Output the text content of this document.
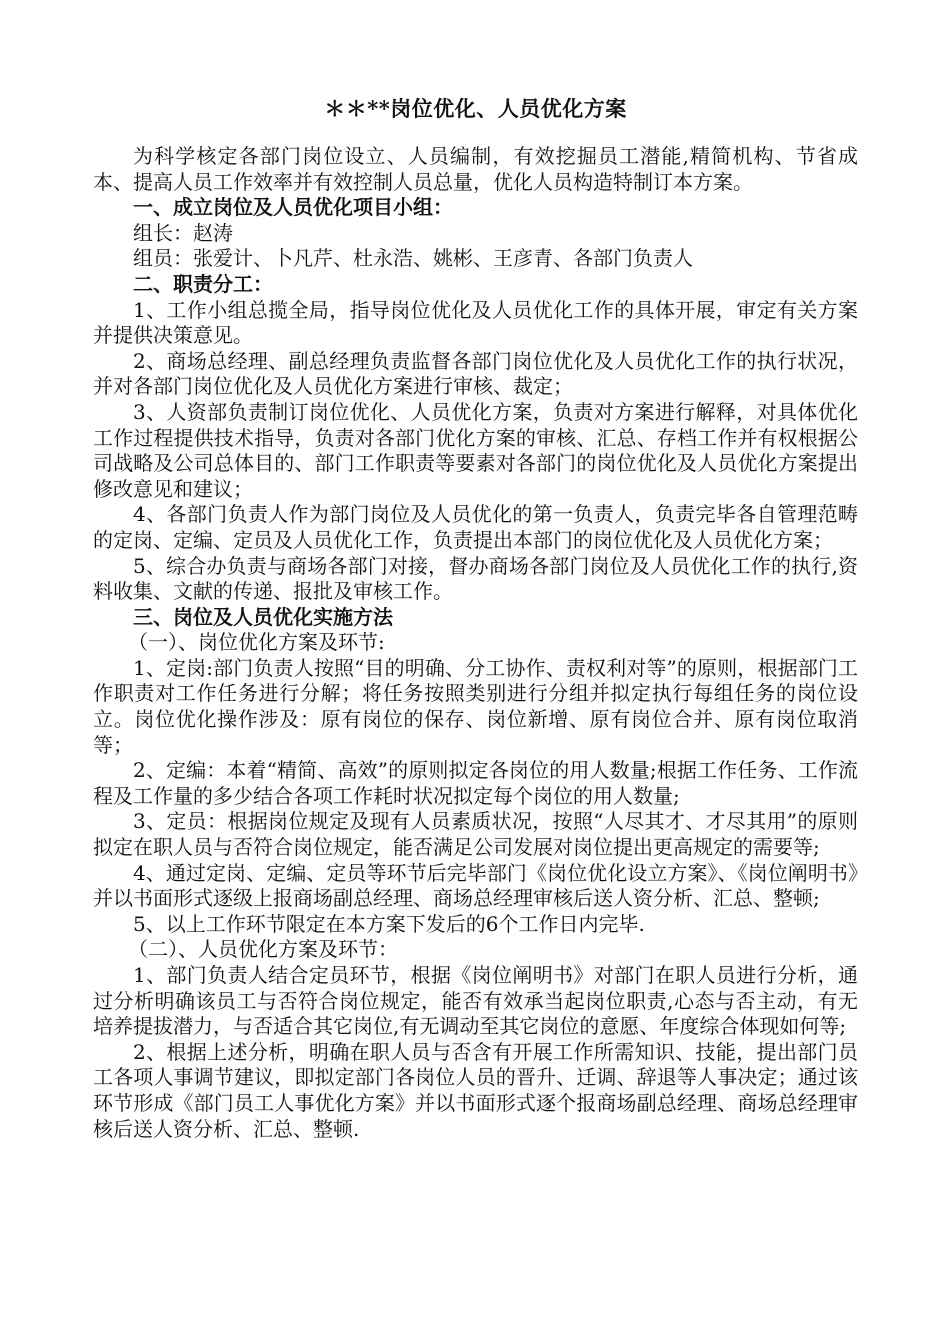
＊＊**岗位优化、人员优化方案

为科学核定各部门岗位设立、人员编制，有效挖掘员工潜能,精简机构、节省成本、提高人员工作效率并有效控制人员总量，优化人员构造特制订本方案。

一、成立岗位及人员优化项目小组：

组长：赵涛

组员：张爱计、卜凡芹、杜永浩、姚彬、王彦青、各部门负责人

二、职责分工：

1、工作小组总揽全局，指导岗位优化及人员优化工作的具体开展，审定有关方案并提供决策意见。

2、商场总经理、副总经理负责监督各部门岗位优化及人员优化工作的执行状况，并对各部门岗位优化及人员优化方案进行审核、裁定；

3、人资部负责制订岗位优化、人员优化方案，负责对方案进行解释，对具体优化工作过程提供技术指导，负责对各部门优化方案的审核、汇总、存档工作并有权根据公司战略及公司总体目的、部门工作职责等要素对各部门的岗位优化及人员优化方案提出修改意见和建议；

4、各部门负责人作为部门岗位及人员优化的第一负责人，负责完毕各自管理范畴的定岗、定编、定员及人员优化工作，负责提出本部门的岗位优化及人员优化方案；

5、综合办负责与商场各部门对接，督办商场各部门岗位及人员优化工作的执行,资料收集、文献的传递、报批及审核工作。

三、岗位及人员优化实施方法

（一）、岗位优化方案及环节:

1、定岗:部门负责人按照“目的明确、分工协作、责权利对等”的原则，根据部门工作职责对工作任务进行分解；将任务按照类别进行分组并拟定执行每组任务的岗位设立。岗位优化操作涉及：原有岗位的保存、岗位新增、原有岗位合并、原有岗位取消等；

2、定编：本着“精简、高效”的原则拟定各岗位的用人数量;根据工作任务、工作流程及工作量的多少结合各项工作耗时状况拟定每个岗位的用人数量;

3、定员：根据岗位规定及现有人员素质状况，按照“人尽其才、才尽其用”的原则拟定在职人员与否符合岗位规定，能否满足公司发展对岗位提出更高规定的需要等;

4、通过定岗、定编、定员等环节后完毕部门《岗位优化设立方案》、《岗位阐明书》并以书面形式逐级上报商场副总经理、商场总经理审核后送人资分析、汇总、整顿;

5、以上工作环节限定在本方案下发后的6个工作日内完毕.

（二）、人员优化方案及环节：

1、部门负责人结合定员环节，根据《岗位阐明书》对部门在职人员进行分析，通过分析明确该员工与否符合岗位规定，能否有效承当起岗位职责,心态与否主动，有无培养提拔潜力，与否适合其它岗位,有无调动至其它岗位的意愿、年度综合体现如何等;

2、根据上述分析，明确在职人员与否含有开展工作所需知识、技能，提出部门员工各项人事调节建议，即拟定部门各岗位人员的晋升、迁调、辞退等人事决定；通过该环节形成《部门员工人事优化方案》并以书面形式逐个报商场副总经理、商场总经理审核后送人资分析、汇总、整顿.
